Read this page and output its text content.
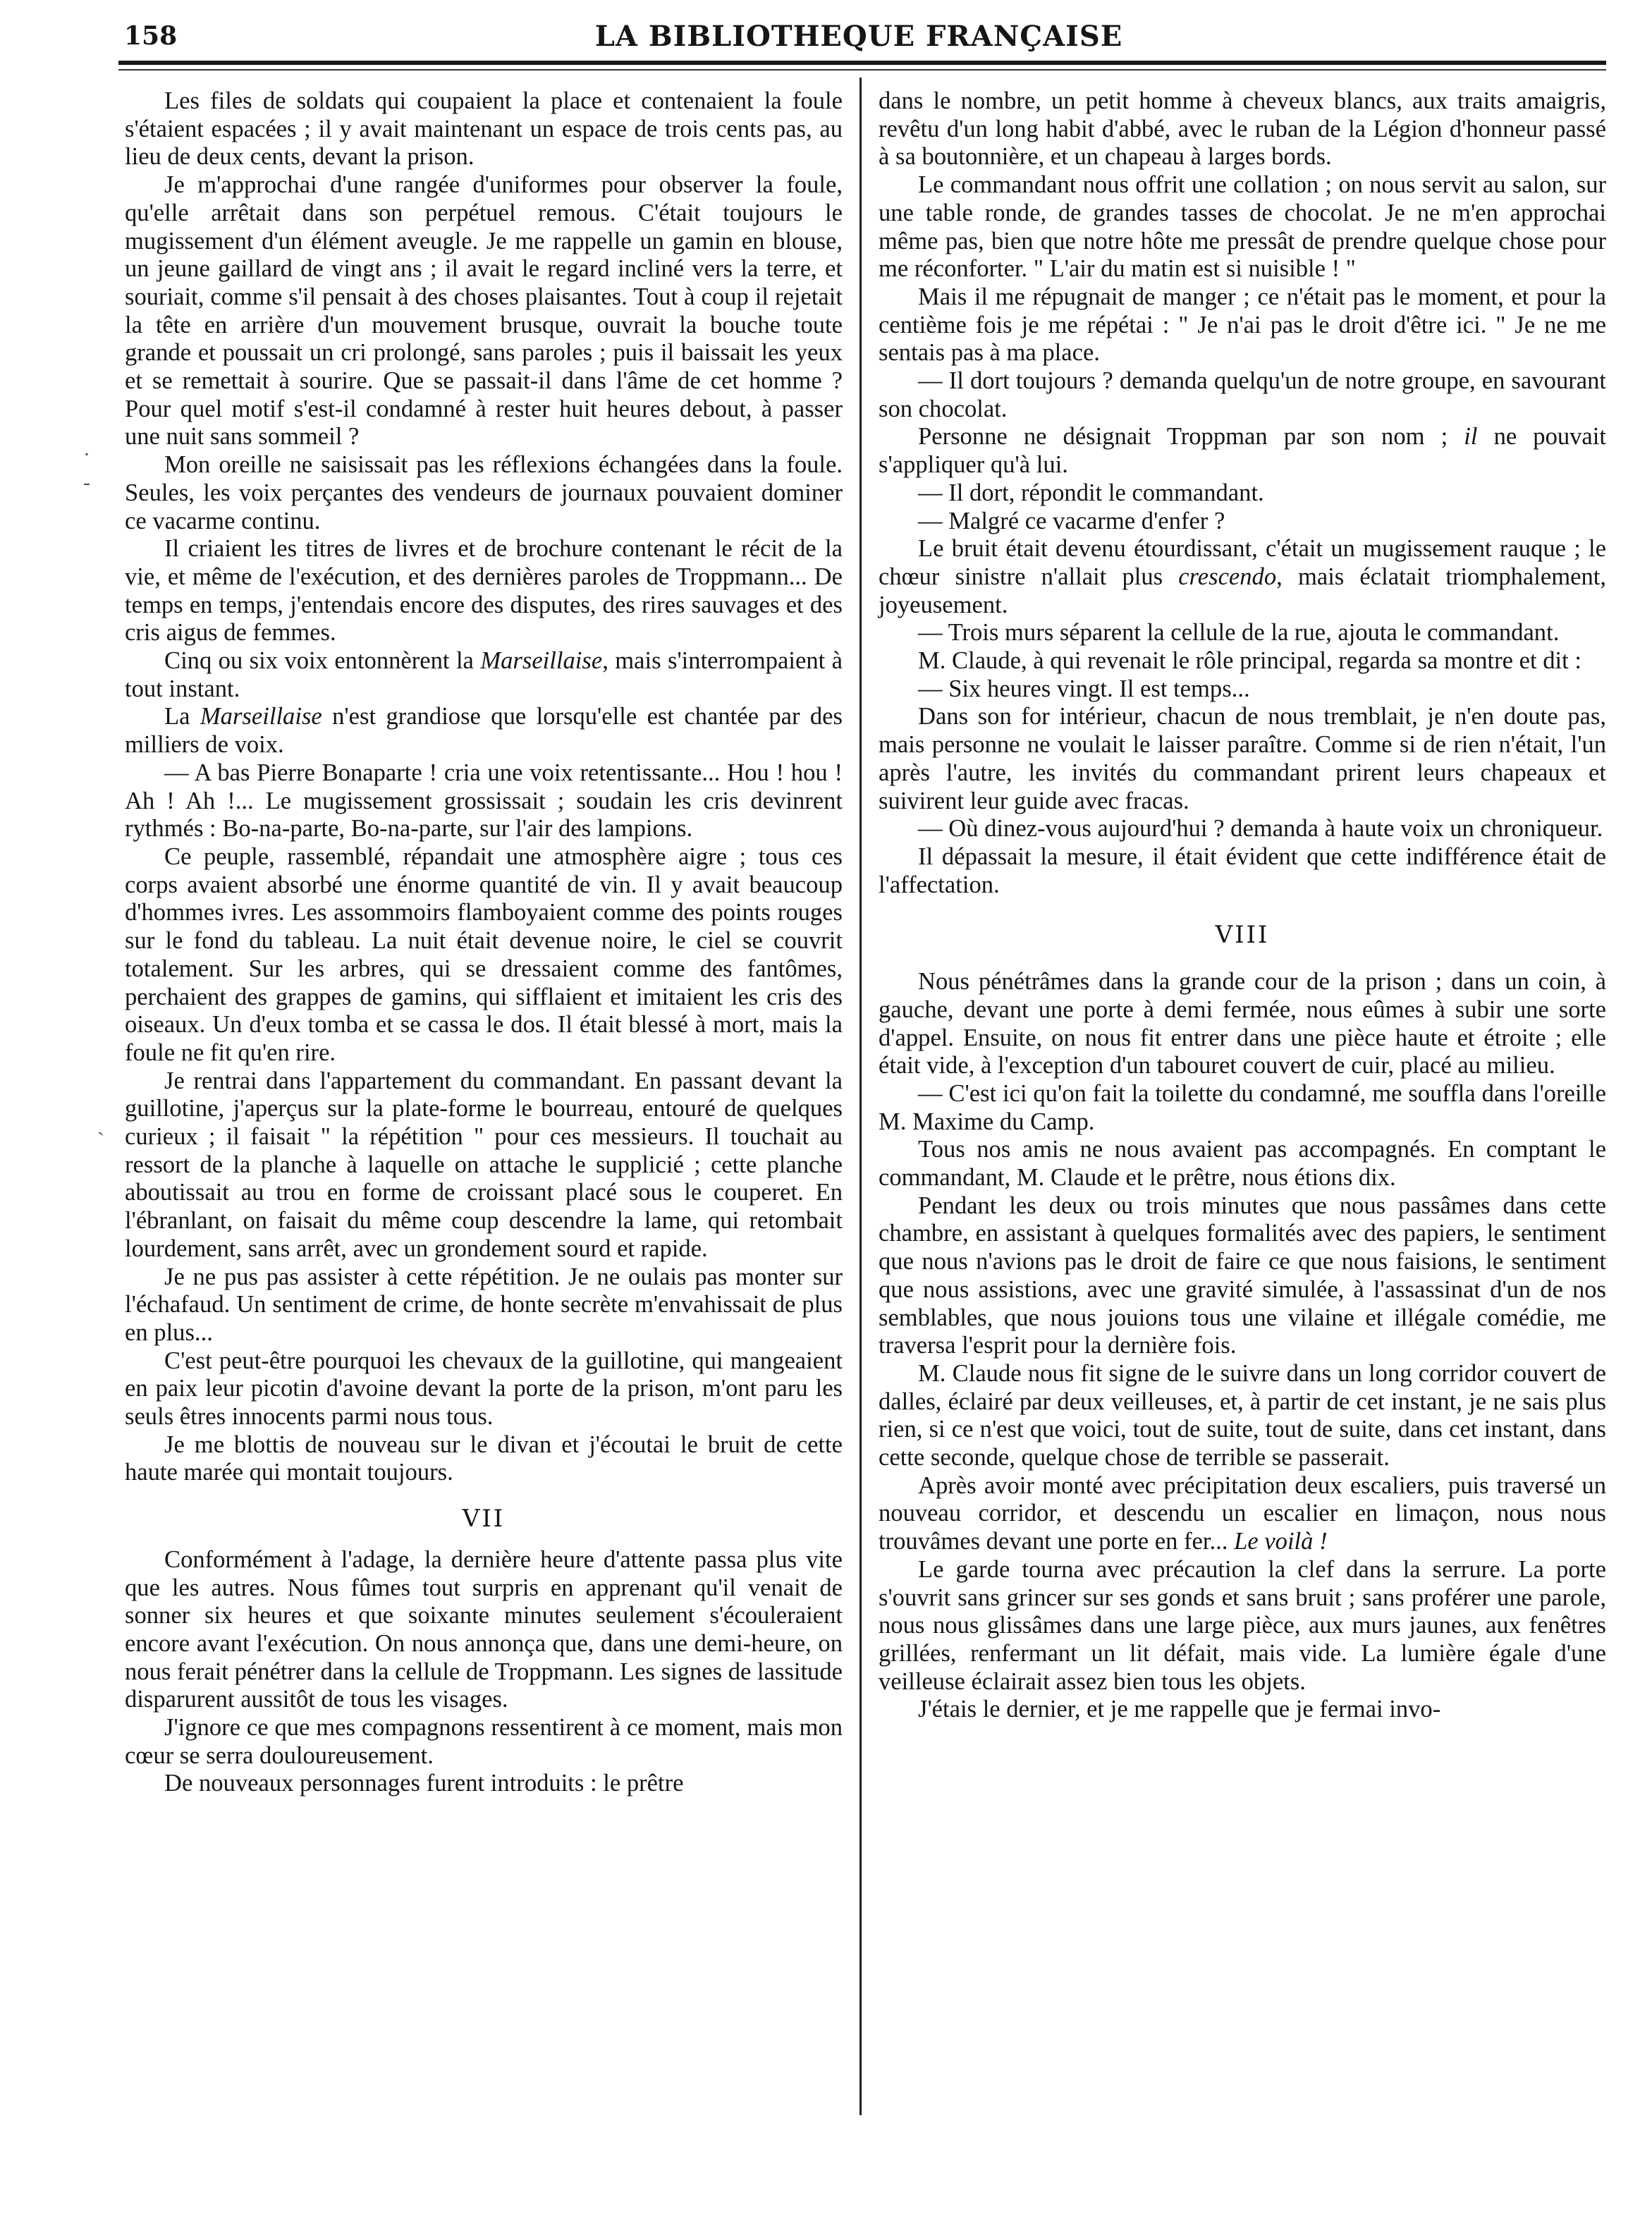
158	LA BIBLIOTHEQUE FRANÇAISE

Les files de soldats qui coupaient la place et contenaient la foule s'étaient espacées ; il y avait maintenant un espace de trois cents pas, au lieu de deux cents, devant la prison.

Je m'approchai d'une rangée d'uniformes pour observer la foule, qu'elle arrêtait dans son perpétuel remous. C'était toujours le mugissement d'un élément aveugle. Je me rappelle un gamin en blouse, un jeune gaillard de vingt ans ; il avait le regard incliné vers la terre, et souriait, comme s'il pensait à des choses plaisantes. Tout à coup il rejetait la tête en arrière d'un mouvement brusque, ouvrait la bouche toute grande et poussait un cri prolongé, sans paroles ; puis il baissait les yeux et se remettait à sourire. Que se passait-il dans l'âme de cet homme ? Pour quel motif s'est-il condamné à rester huit heures debout, à passer une nuit sans sommeil ?

Mon oreille ne saisissait pas les réflexions échangées dans la foule. Seules, les voix perçantes des vendeurs de journaux pouvaient dominer ce vacarme continu.

Il criaient les titres de livres et de brochure contenant le récit de la vie, et même de l'exécution, et des dernières paroles de Troppmann... De temps en temps, j'entendais encore des disputes, des rires sauvages et des cris aigus de femmes.

Cinq ou six voix entonnèrent la Marseillaise, mais s'interrompaient à tout instant.

La Marseillaise n'est grandiose que lorsqu'elle est chantée par des milliers de voix.

— A bas Pierre Bonaparte ! cria une voix retentissante... Hou ! hou ! Ah ! Ah !... Le mugissement grossissait ; soudain les cris devinrent rythmés : Bo-na-parte, Bo-na-parte, sur l'air des lampions.

Ce peuple, rassemblé, répandait une atmosphère aigre ; tous ces corps avaient absorbé une énorme quantité de vin. Il y avait beaucoup d'hommes ivres. Les assommoirs flamboyaient comme des points rouges sur le fond du tableau. La nuit était devenue noire, le ciel se couvrit totalement. Sur les arbres, qui se dressaient comme des fantômes, perchaient des grappes de gamins, qui sifflaient et imitaient les cris des oiseaux. Un d'eux tomba et se cassa le dos. Il était blessé à mort, mais la foule ne fit qu'en rire.

Je rentrai dans l'appartement du commandant. En passant devant la guillotine, j'aperçus sur la plate-forme le bourreau, entouré de quelques curieux ; il faisait " la répétition " pour ces messieurs. Il touchait au ressort de la planche à laquelle on attache le supplicié ; cette planche aboutissait au trou en forme de croissant placé sous le couperet. En l'ébranlant, on faisait du même coup descendre la lame, qui retombait lourdement, sans arrêt, avec un grondement sourd et rapide.

Je ne pus pas assister à cette répétition. Je ne oulais pas monter sur l'échafaud. Un sentiment de crime, de honte secrète m'envahissait de plus en plus...

C'est peut-être pourquoi les chevaux de la guillotine, qui mangeaient en paix leur picotin d'avoine devant la porte de la prison, m'ont paru les seuls êtres innocents parmi nous tous.

Je me blottis de nouveau sur le divan et j'écoutai le bruit de cette haute marée qui montait toujours.

VII

Conformément à l'adage, la dernière heure d'attente passa plus vite que les autres. Nous fûmes tout surpris en apprenant qu'il venait de sonner six heures et que soixante minutes seulement s'écouleraient encore avant l'exécution. On nous annonça que, dans une demi-heure, on nous ferait pénétrer dans la cellule de Troppmann. Les signes de lassitude disparurent aussitôt de tous les visages.

J'ignore ce que mes compagnons ressentirent à ce moment, mais mon cœur se serra douloureusement.

De nouveaux personnages furent introduits : le prêtre

dans le nombre, un petit homme à cheveux blancs, aux traits amaigris, revêtu d'un long habit d'abbé, avec le ruban de la Légion d'honneur passé à sa boutonnière, et un chapeau à larges bords.

Le commandant nous offrit une collation ; on nous servit au salon, sur une table ronde, de grandes tasses de chocolat. Je ne m'en approchai même pas, bien que notre hôte me pressât de prendre quelque chose pour me réconforter. " L'air du matin est si nuisible ! "

Mais il me répugnait de manger ; ce n'était pas le moment, et pour la centième fois je me répétai : " Je n'ai pas le droit d'être ici. " Je ne me sentais pas à ma place.

— Il dort toujours ? demanda quelqu'un de notre groupe, en savourant son chocolat.

Personne ne désignait Troppman par son nom ; il ne pouvait s'appliquer qu'à lui.

— Il dort, répondit le commandant.

— Malgré ce vacarme d'enfer ?

Le bruit était devenu étourdissant, c'était un mugissement rauque ; le chœur sinistre n'allait plus crescendo, mais éclatait triomphalement, joyeusement.

— Trois murs séparent la cellule de la rue, ajouta le commandant.

M. Claude, à qui revenait le rôle principal, regarda sa montre et dit :

— Six heures vingt. Il est temps...

Dans son for intérieur, chacun de nous tremblait, je n'en doute pas, mais personne ne voulait le laisser paraître. Comme si de rien n'était, l'un après l'autre, les invités du commandant prirent leurs chapeaux et suivirent leur guide avec fracas.

— Où dinez-vous aujourd'hui ? demanda à haute voix un chroniqueur.

Il dépassait la mesure, il était évident que cette indifférence était de l'affectation.

VIII

Nous pénétrâmes dans la grande cour de la prison ; dans un coin, à gauche, devant une porte à demi fermée, nous eûmes à subir une sorte d'appel. Ensuite, on nous fit entrer dans une pièce haute et étroite ; elle était vide, à l'exception d'un tabouret couvert de cuir, placé au milieu.

— C'est ici qu'on fait la toilette du condamné, me souffla dans l'oreille M. Maxime du Camp.

Tous nos amis ne nous avaient pas accompagnés. En comptant le commandant, M. Claude et le prêtre, nous étions dix.

Pendant les deux ou trois minutes que nous passâmes dans cette chambre, en assistant à quelques formalités avec des papiers, le sentiment que nous n'avions pas le droit de faire ce que nous faisions, le sentiment que nous assistions, avec une gravité simulée, à l'assassinat d'un de nos semblables, que nous jouions tous une vilaine et illégale comédie, me traversa l'esprit pour la dernière fois.

M. Claude nous fit signe de le suivre dans un long corridor couvert de dalles, éclairé par deux veilleuses, et, à partir de cet instant, je ne sais plus rien, si ce n'est que voici, tout de suite, tout de suite, dans cet instant, dans cette seconde, quelque chose de terrible se passerait.

Après avoir monté avec précipitation deux escaliers, puis traversé un nouveau corridor, et descendu un escalier en limaçon, nous nous trouvâmes devant une porte en fer... Le voilà !

Le garde tourna avec précaution la clef dans la serrure. La porte s'ouvrit sans grincer sur ses gonds et sans bruit ; sans proférer une parole, nous nous glissâmes dans une large pièce, aux murs jaunes, aux fenêtres grillées, renfermant un lit défait, mais vide. La lumière égale d'une veilleuse éclairait assez bien tous les objets.

J'étais le dernier, et je me rappelle que je fermai invo-

·
-
ˏ
